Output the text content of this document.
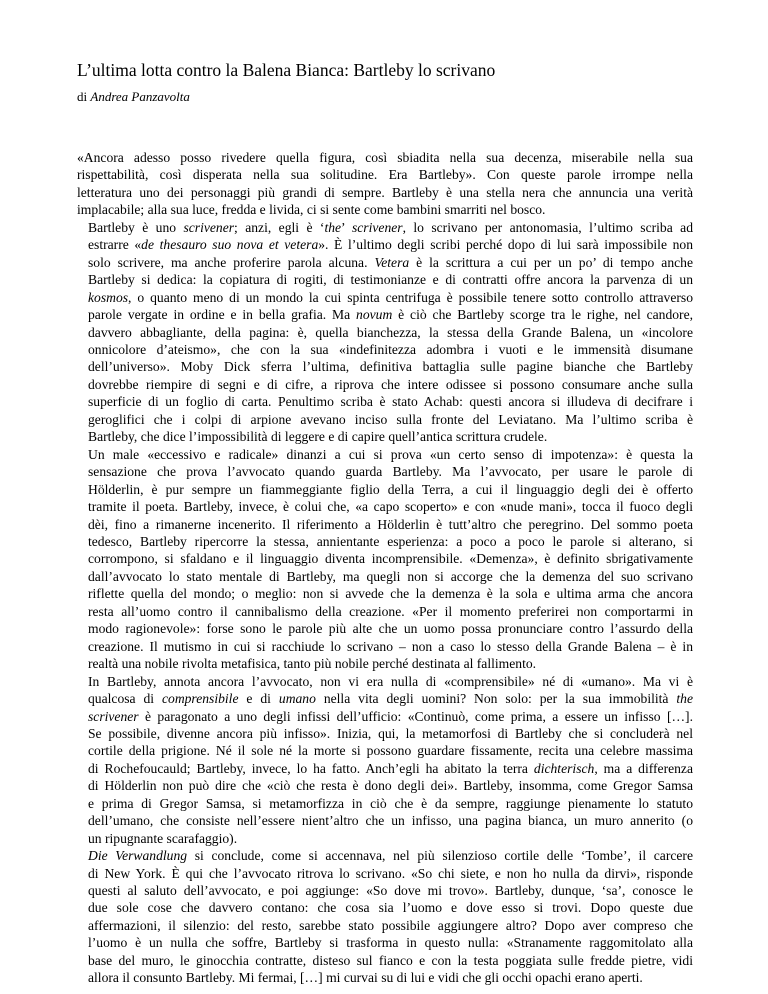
L’ultima lotta contro la Balena Bianca: Bartleby lo scrivano
di Andrea Panzavolta

«Ancora adesso posso rivedere quella figura, così sbiadita nella sua decenza, miserabile nella sua
rispettabilità, così disperata nella sua solitudine. Era Bartleby». Con queste parole irrompe nella
letteratura uno dei personaggi più grandi di sempre. Bartleby è una stella nera che annuncia una verità
implacabile; alla sua luce, fredda e livida, ci si sente come bambini smarriti nel bosco.

Bartleby è uno scrivener; anzi, egli è ‘the’ scrivener, lo scrivano per antonomasia, l’ultimo scriba ad
estrarre «de thesauro suo nova et vetera». È l’ultimo degli scribi perché dopo di lui sarà impossibile non
solo scrivere, ma anche proferire parola alcuna. Vetera è la scrittura a cui per un po’ di tempo anche
Bartleby si dedica: la copiatura di rogiti, di testimonianze e di contratti offre ancora la parvenza di un
kosmos, o quanto meno di un mondo la cui spinta centrifuga è possibile tenere sotto controllo attraverso
parole vergate in ordine e in bella grafia. Ma novum è ciò che Bartleby scorge tra le righe, nel candore,
davvero abbagliante, della pagina: è, quella bianchezza, la stessa della Grande Balena, un «incolore
onnicolore d’ateismo», che con la sua «indefinitezza adombra i vuoti e le immensità disumane
dell’universo». Moby Dick sferra l’ultima, definitiva battaglia sulle pagine bianche che Bartleby
dovrebbe riempire di segni e di cifre, a riprova che intere odissee si possono consumare anche sulla
superficie di un foglio di carta. Penultimo scriba è stato Achab: questi ancora si illudeva di decifrare i
geroglifici che i colpi di arpione avevano inciso sulla fronte del Leviatano. Ma l’ultimo scriba è
Bartleby, che dice l’impossibilità di leggere e di capire quell’antica scrittura crudele.

Un male «eccessivo e radicale» dinanzi a cui si prova «un certo senso di impotenza»: è questa la
sensazione che prova l’avvocato quando guarda Bartleby. Ma l’avvocato, per usare le parole di
Hölderlin, è pur sempre un fiammeggiante figlio della Terra, a cui il linguaggio degli dei è offerto
tramite il poeta. Bartleby, invece, è colui che, «a capo scoperto» e con «nude mani», tocca il fuoco degli
dèi, fino a rimanerne incenerito. Il riferimento a Hölderlin è tutt’altro che peregrino. Del sommo poeta
tedesco, Bartleby ripercorre la stessa, annientante esperienza: a poco a poco le parole si alterano, si
corrompono, si sfaldano e il linguaggio diventa incomprensibile. «Demenza», è definito sbrigativamente
dall’avvocato lo stato mentale di Bartleby, ma quegli non si accorge che la demenza del suo scrivano
riflette quella del mondo; o meglio: non si avvede che la demenza è la sola e ultima arma che ancora
resta all’uomo contro il cannibalismo della creazione. «Per il momento preferirei non comportarmi in
modo ragionevole»: forse sono le parole più alte che un uomo possa pronunciare contro l’assurdo della
creazione. Il mutismo in cui si racchiude lo scrivano – non a caso lo stesso della Grande Balena – è in
realtà una nobile rivolta metafisica, tanto più nobile perché destinata al fallimento.

In Bartleby, annota ancora l’avvocato, non vi era nulla di «comprensibile» né di «umano». Ma vi è
qualcosa di comprensibile e di umano nella vita degli uomini? Non solo: per la sua immobilità the
scrivener è paragonato a uno degli infissi dell’ufficio: «Continuò, come prima, a essere un infisso […].
Se possibile, divenne ancora più infisso». Inizia, qui, la metamorfosi di Bartleby che si concluderà nel
cortile della prigione. Né il sole né la morte si possono guardare fissamente, recita una celebre massima
di Rochefoucauld; Bartleby, invece, lo ha fatto. Anch’egli ha abitato la terra dichterisch, ma a differenza
di Hölderlin non può dire che «ciò che resta è dono degli dei». Bartleby, insomma, come Gregor Samsa
e prima di Gregor Samsa, si metamorfizza in ciò che è da sempre, raggiunge pienamente lo statuto
dell’umano, che consiste nell’essere nient’altro che un infisso, una pagina bianca, un muro annerito (o
un ripugnante scarafaggio).

Die Verwandlung si conclude, come si accennava, nel più silenzioso cortile delle ‘Tombe’, il carcere
di New York. È qui che l’avvocato ritrova lo scrivano. «So chi siete, e non ho nulla da dirvi», risponde
questi al saluto dell’avvocato, e poi aggiunge: «So dove mi trovo». Bartleby, dunque, ‘sa’, conosce le
due sole cose che davvero contano: che cosa sia l’uomo e dove esso si trovi. Dopo queste due
affermazioni, il silenzio: del resto, sarebbe stato possibile aggiungere altro? Dopo aver compreso che
l’uomo è un nulla che soffre, Bartleby si trasforma in questo nulla: «Stranamente raggomitolato alla
base del muro, le ginocchia contratte, disteso sul fianco e con la testa poggiata sulle fredde pietre, vidi
allora il consunto Bartleby. Mi fermai, […] mi curvai su di lui e vidi che gli occhi opachi erano aperti.
